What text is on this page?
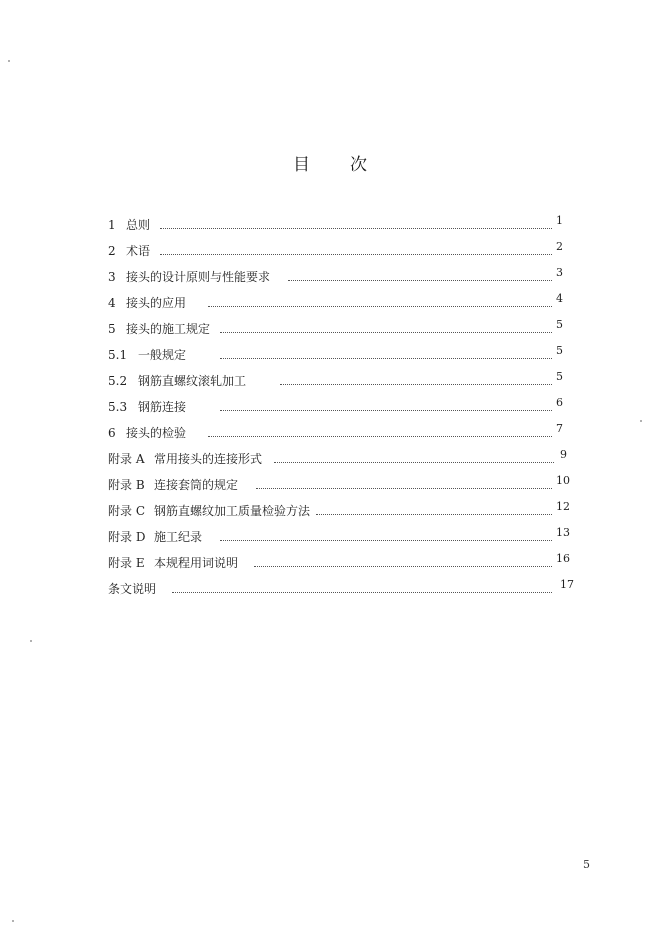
目 次
1 总则	1
2 术语	2
3 接头的设计原则与性能要求	3
4 接头的应用	4
5 接头的施工规定	5
5.1 一般规定	5
5.2 钢筋直螺纹滚轧加工	5
5.3 钢筋连接	6
6 接头的检验	7
附录 A 常用接头的连接形式	9
附录 B 连接套筒的规定	10
附录 C 钢筋直螺纹加工质量检验方法	12
附录 D 施工纪录	13
附录 E 本规程用词说明	16
条文说明	17
5
